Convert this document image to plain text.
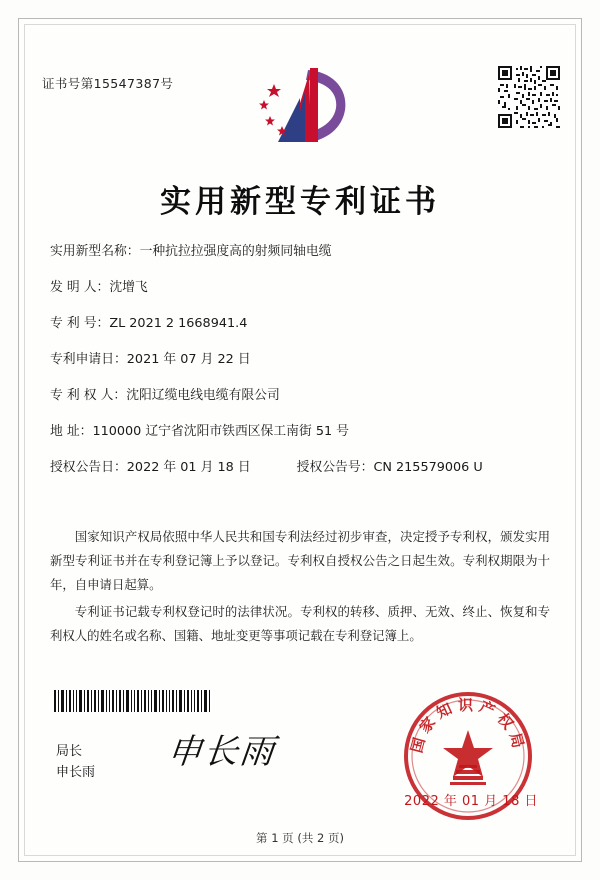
证书号第15547387号
实用新型专利证书
实用新型名称： 一种抗拉拉强度高的射频同轴电缆
发 明 人： 沈增飞
专 利 号： ZL 2021 2 1668941.4
专利申请日： 2021 年 07 月 22 日
专 利 权 人： 沈阳辽缆电线电缆有限公司
地 址： 110000 辽宁省沈阳市铁西区保工南街 51 号
授权公告日： 2022 年 01 月 18 日	授权公告号： CN 215579006 U

国家知识产权局依照中华人民共和国专利法经过初步审查，决定授予专利权，颁发实用新型专利证书并在专利登记簿上予以登记。专利权自授权公告之日起生效。专利权期限为十年，自申请日起算。

专利证书记载专利权登记时的法律状况。专利权的转移、质押、无效、终止、恢复和专利权人的姓名或名称、国籍、地址变更等事项记载在专利登记簿上。

局长
申长雨
申长雨	国家知识产权局
2022 年 01 月 18 日
第 1 页 (共 2 页)
